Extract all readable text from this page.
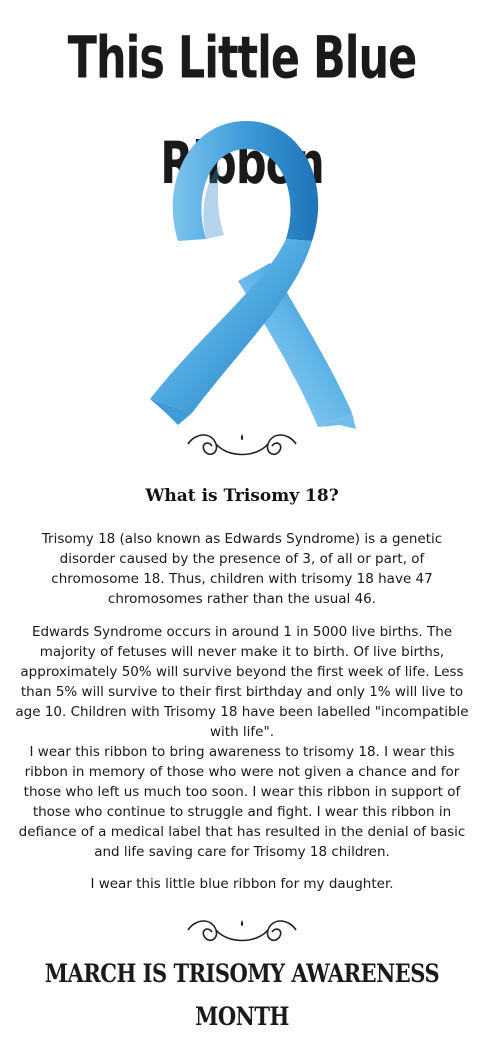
This Little Blue Ribbon
What is Trisomy 18?

Trisomy 18 (also known as Edwards Syndrome) is a genetic disorder caused by the presence of 3, of all or part, of chromosome 18. Thus, children with trisomy 18 have 47 chromosomes rather than the usual 46.

Edwards Syndrome occurs in around 1 in 5000 live births. The majority of fetuses will never make it to birth. Of live births, approximately 50% will survive beyond the first week of life. Less than 5% will survive to their first birthday and only 1% will live to age 10. Children with Trisomy 18 have been labelled "incompatible with life".

I wear this ribbon to bring awareness to trisomy 18. I wear this ribbon in memory of those who were not given a chance and for those who left us much too soon. I wear this ribbon in support of those who continue to struggle and fight. I wear this ribbon in defiance of a medical label that has resulted in the denial of basic and life saving care for Trisomy 18 children.

I wear this little blue ribbon for my daughter.

MARCH IS TRISOMY AWARENESS MONTH
